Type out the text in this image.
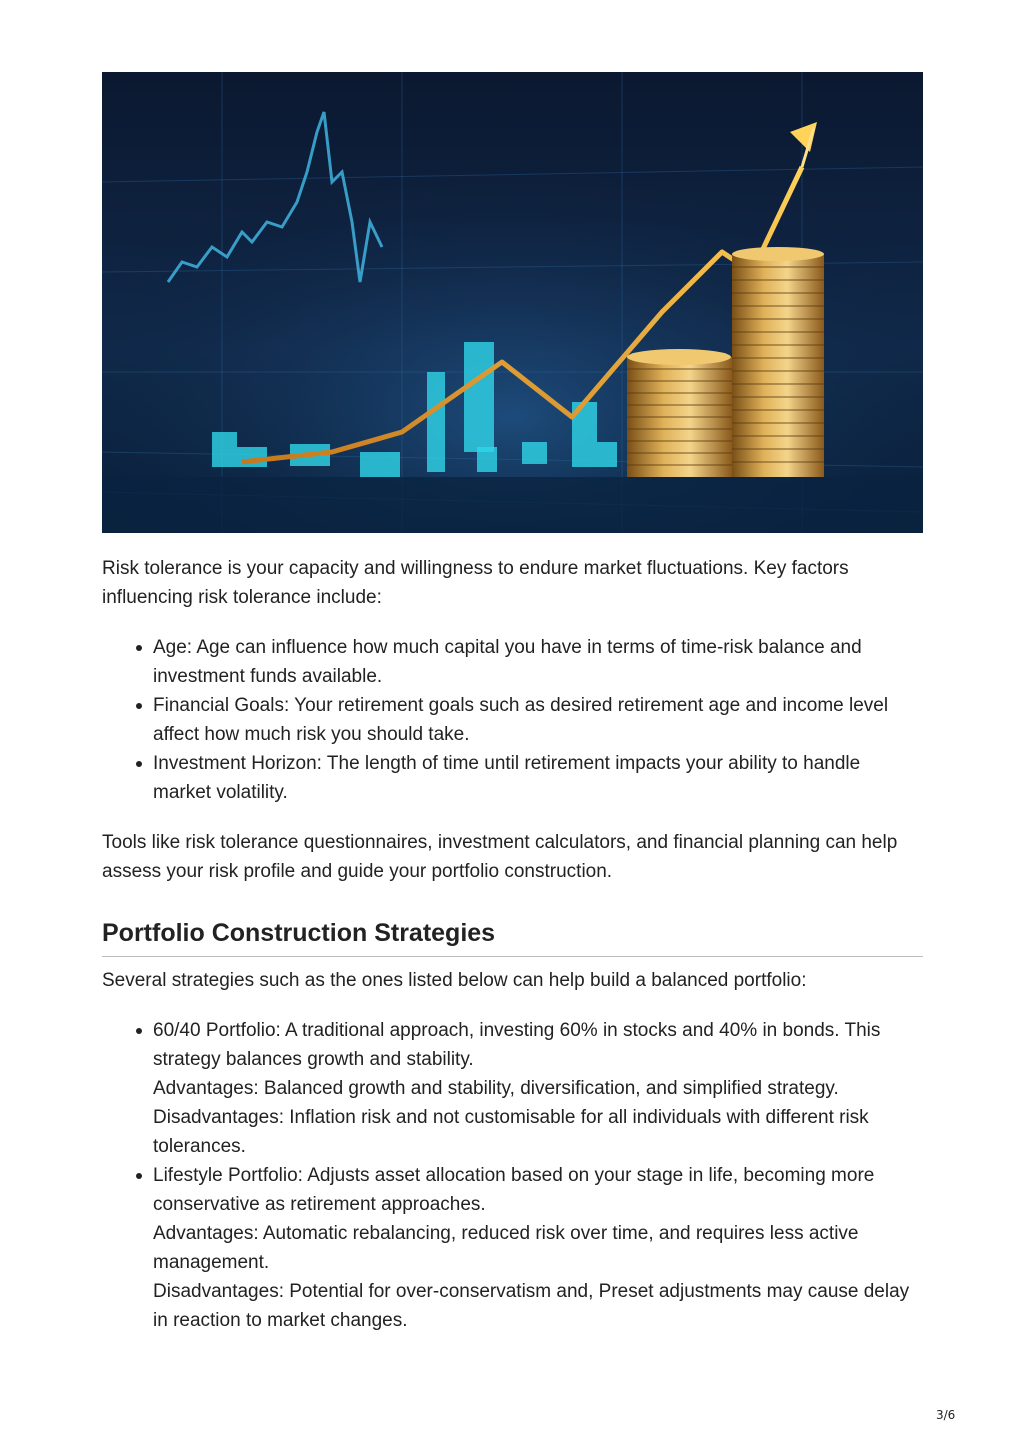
Risk tolerance is your capacity and willingness to endure market fluctuations. Key factors influencing risk tolerance include:

Age: Age can influence how much capital you have in terms of time-risk balance and investment funds available.
Financial Goals: Your retirement goals such as desired retirement age and income level affect how much risk you should take.
Investment Horizon: The length of time until retirement impacts your ability to handle market volatility.

Tools like risk tolerance questionnaires, investment calculators, and financial planning can help assess your risk profile and guide your portfolio construction.

Portfolio Construction Strategies

Several strategies such as the ones listed below can help build a balanced portfolio:

60/40 Portfolio: A traditional approach, investing 60% in stocks and 40% in bonds. This strategy balances growth and stability.
Advantages: Balanced growth and stability, diversification, and simplified strategy.
Disadvantages: Inflation risk and not customisable for all individuals with different risk tolerances.
Lifestyle Portfolio: Adjusts asset allocation based on your stage in life, becoming more conservative as retirement approaches.
Advantages: Automatic rebalancing, reduced risk over time, and requires less active management.
Disadvantages: Potential for over-conservatism and, Preset adjustments may cause delay in reaction to market changes.
3/6
